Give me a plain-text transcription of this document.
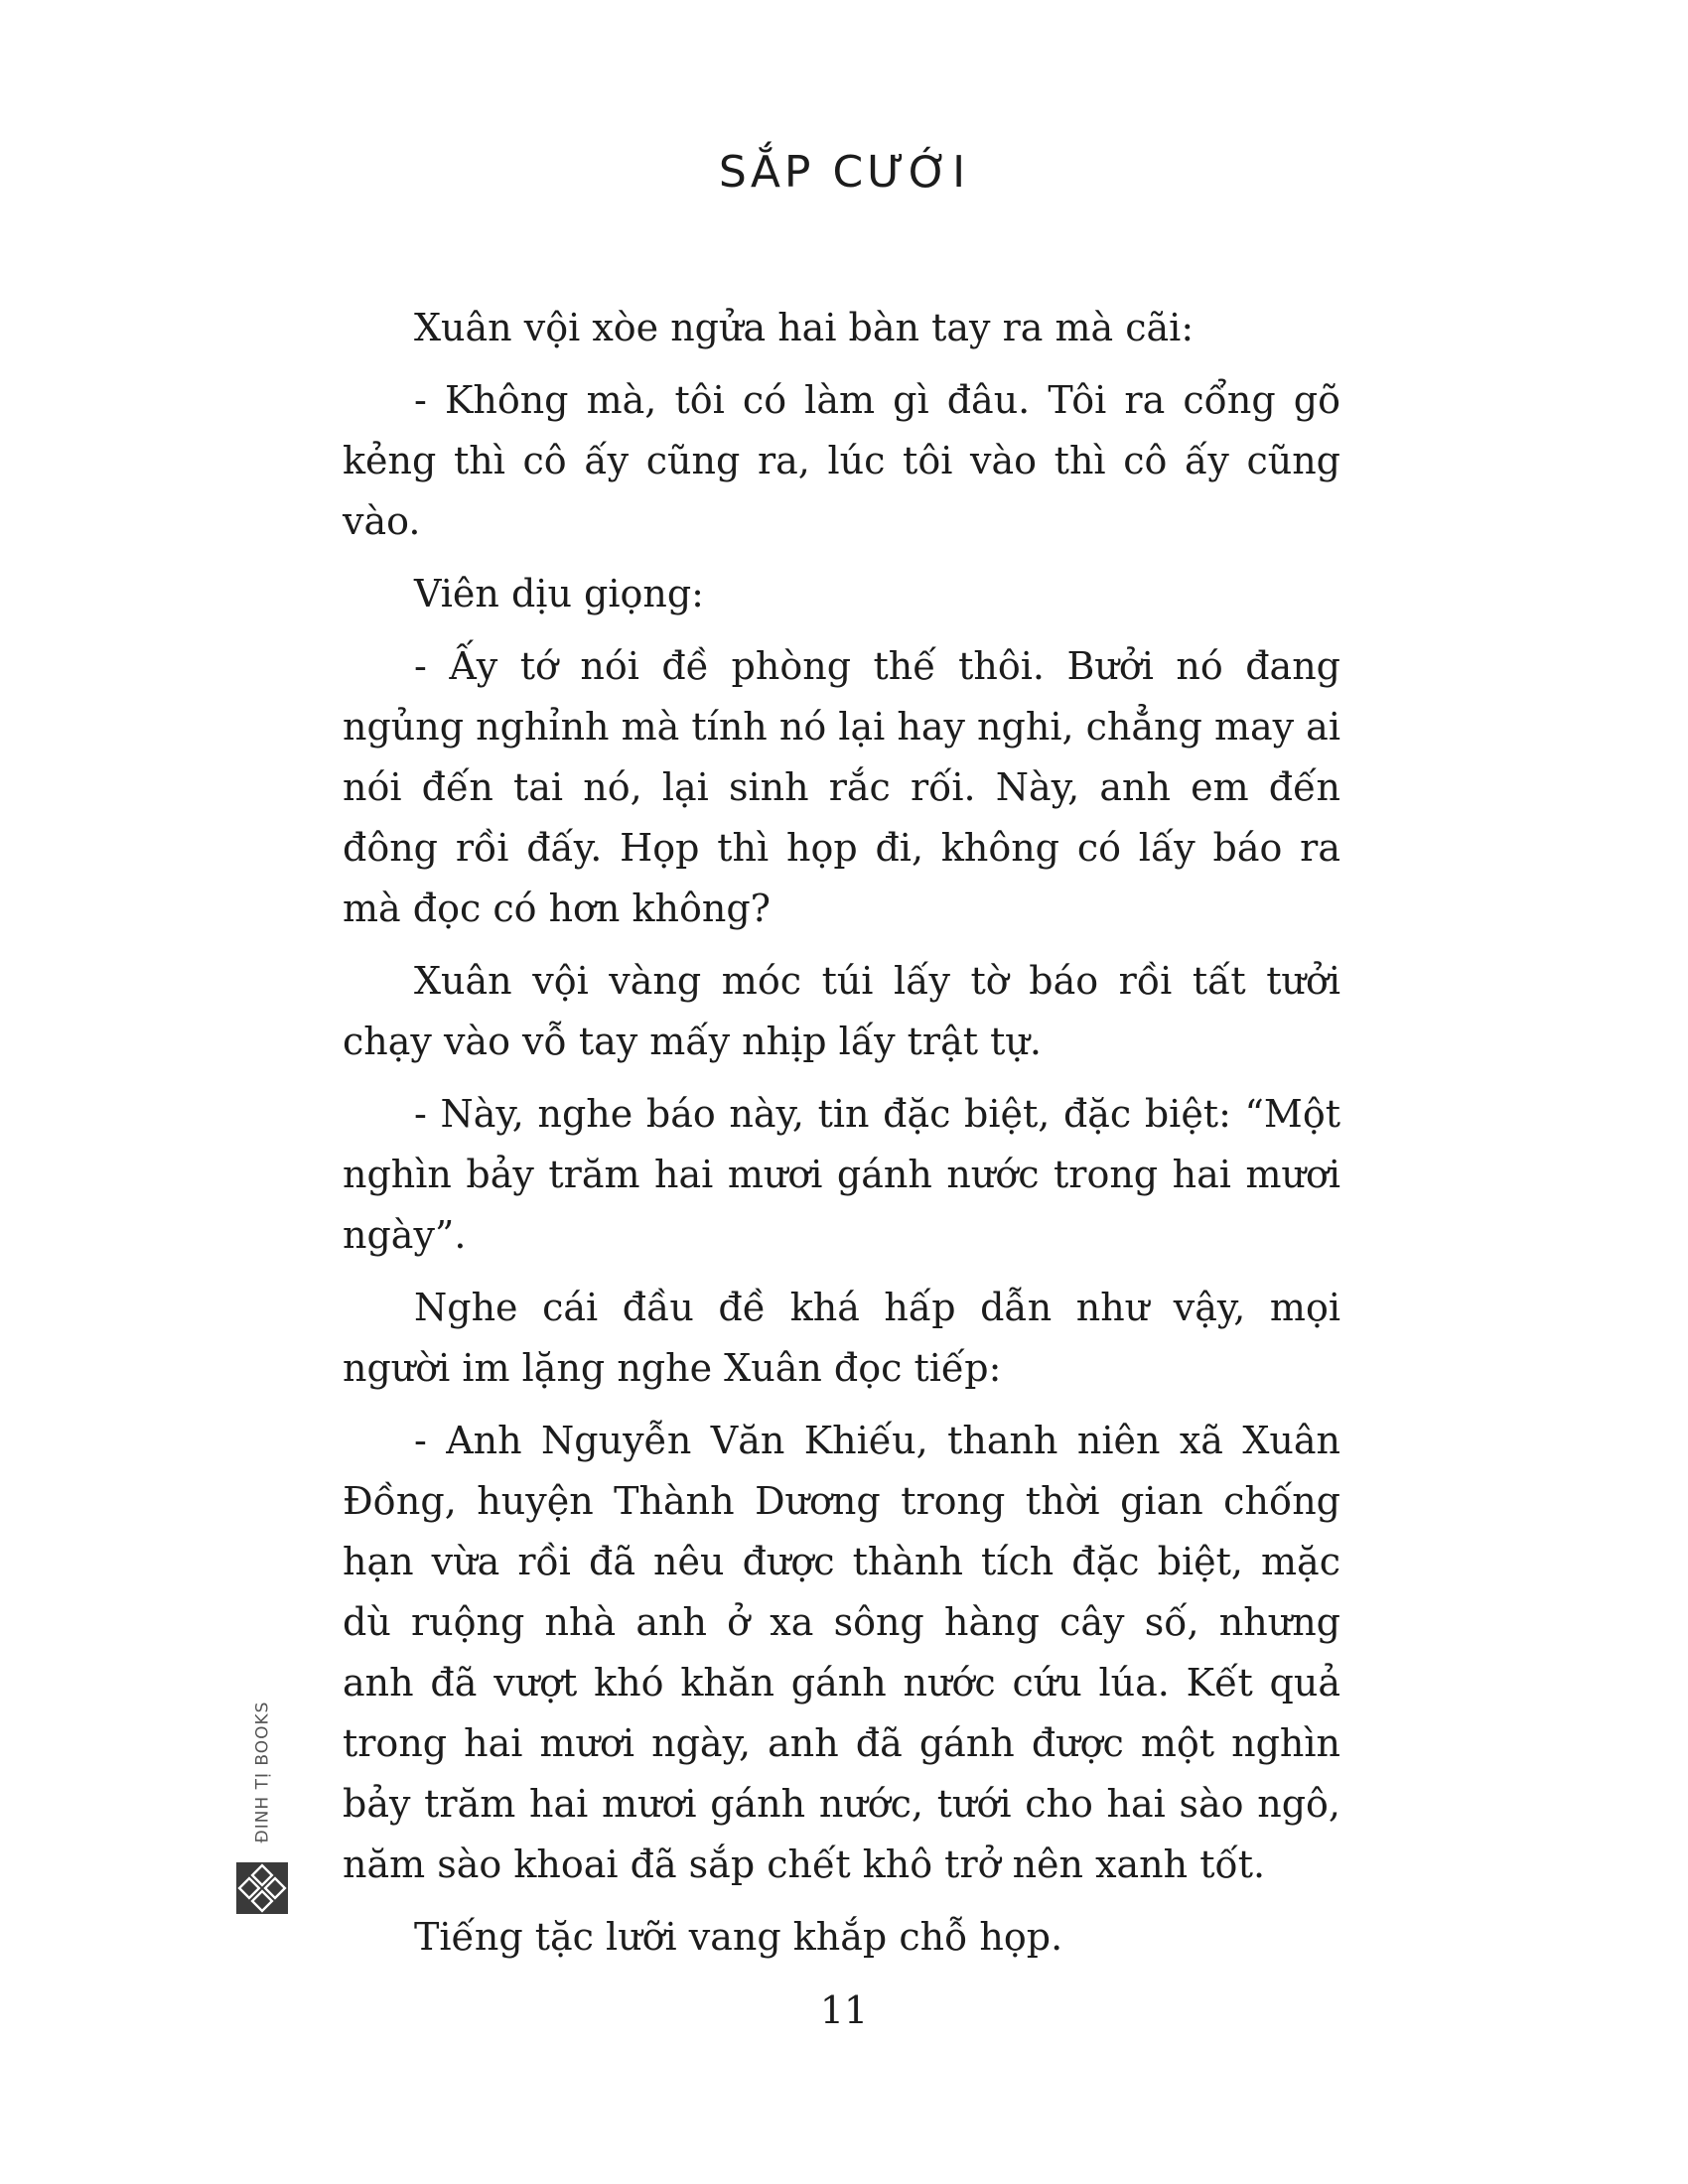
SẮP CƯỚI

Xuân vội xòe ngửa hai bàn tay ra mà cãi:

- Không mà, tôi có làm gì đâu. Tôi ra cổng gõ kẻng thì cô ấy cũng ra, lúc tôi vào thì cô ấy cũng vào.

Viên dịu giọng:

- Ấy tớ nói đề phòng thế thôi. Bưởi nó đang ngủng nghỉnh mà tính nó lại hay nghi, chẳng may ai nói đến tai nó, lại sinh rắc rối. Này, anh em đến đông rồi đấy. Họp thì họp đi, không có lấy báo ra mà đọc có hơn không?

Xuân vội vàng móc túi lấy tờ báo rồi tất tưởi chạy vào vỗ tay mấy nhịp lấy trật tự.

- Này, nghe báo này, tin đặc biệt, đặc biệt: “Một nghìn bảy trăm hai mươi gánh nước trong hai mươi ngày”.

Nghe cái đầu đề khá hấp dẫn như vậy, mọi người im lặng nghe Xuân đọc tiếp:

- Anh Nguyễn Văn Khiếu, thanh niên xã Xuân Đồng, huyện Thành Dương trong thời gian chống hạn vừa rồi đã nêu được thành tích đặc biệt, mặc dù ruộng nhà anh ở xa sông hàng cây số, nhưng anh đã vượt khó khăn gánh nước cứu lúa. Kết quả trong hai mươi ngày, anh đã gánh được một nghìn bảy trăm hai mươi gánh nước, tưới cho hai sào ngô, năm sào khoai đã sắp chết khô trở nên xanh tốt.

Tiếng tặc lưỡi vang khắp chỗ họp.

ĐINH TỊ BOOKS
11
